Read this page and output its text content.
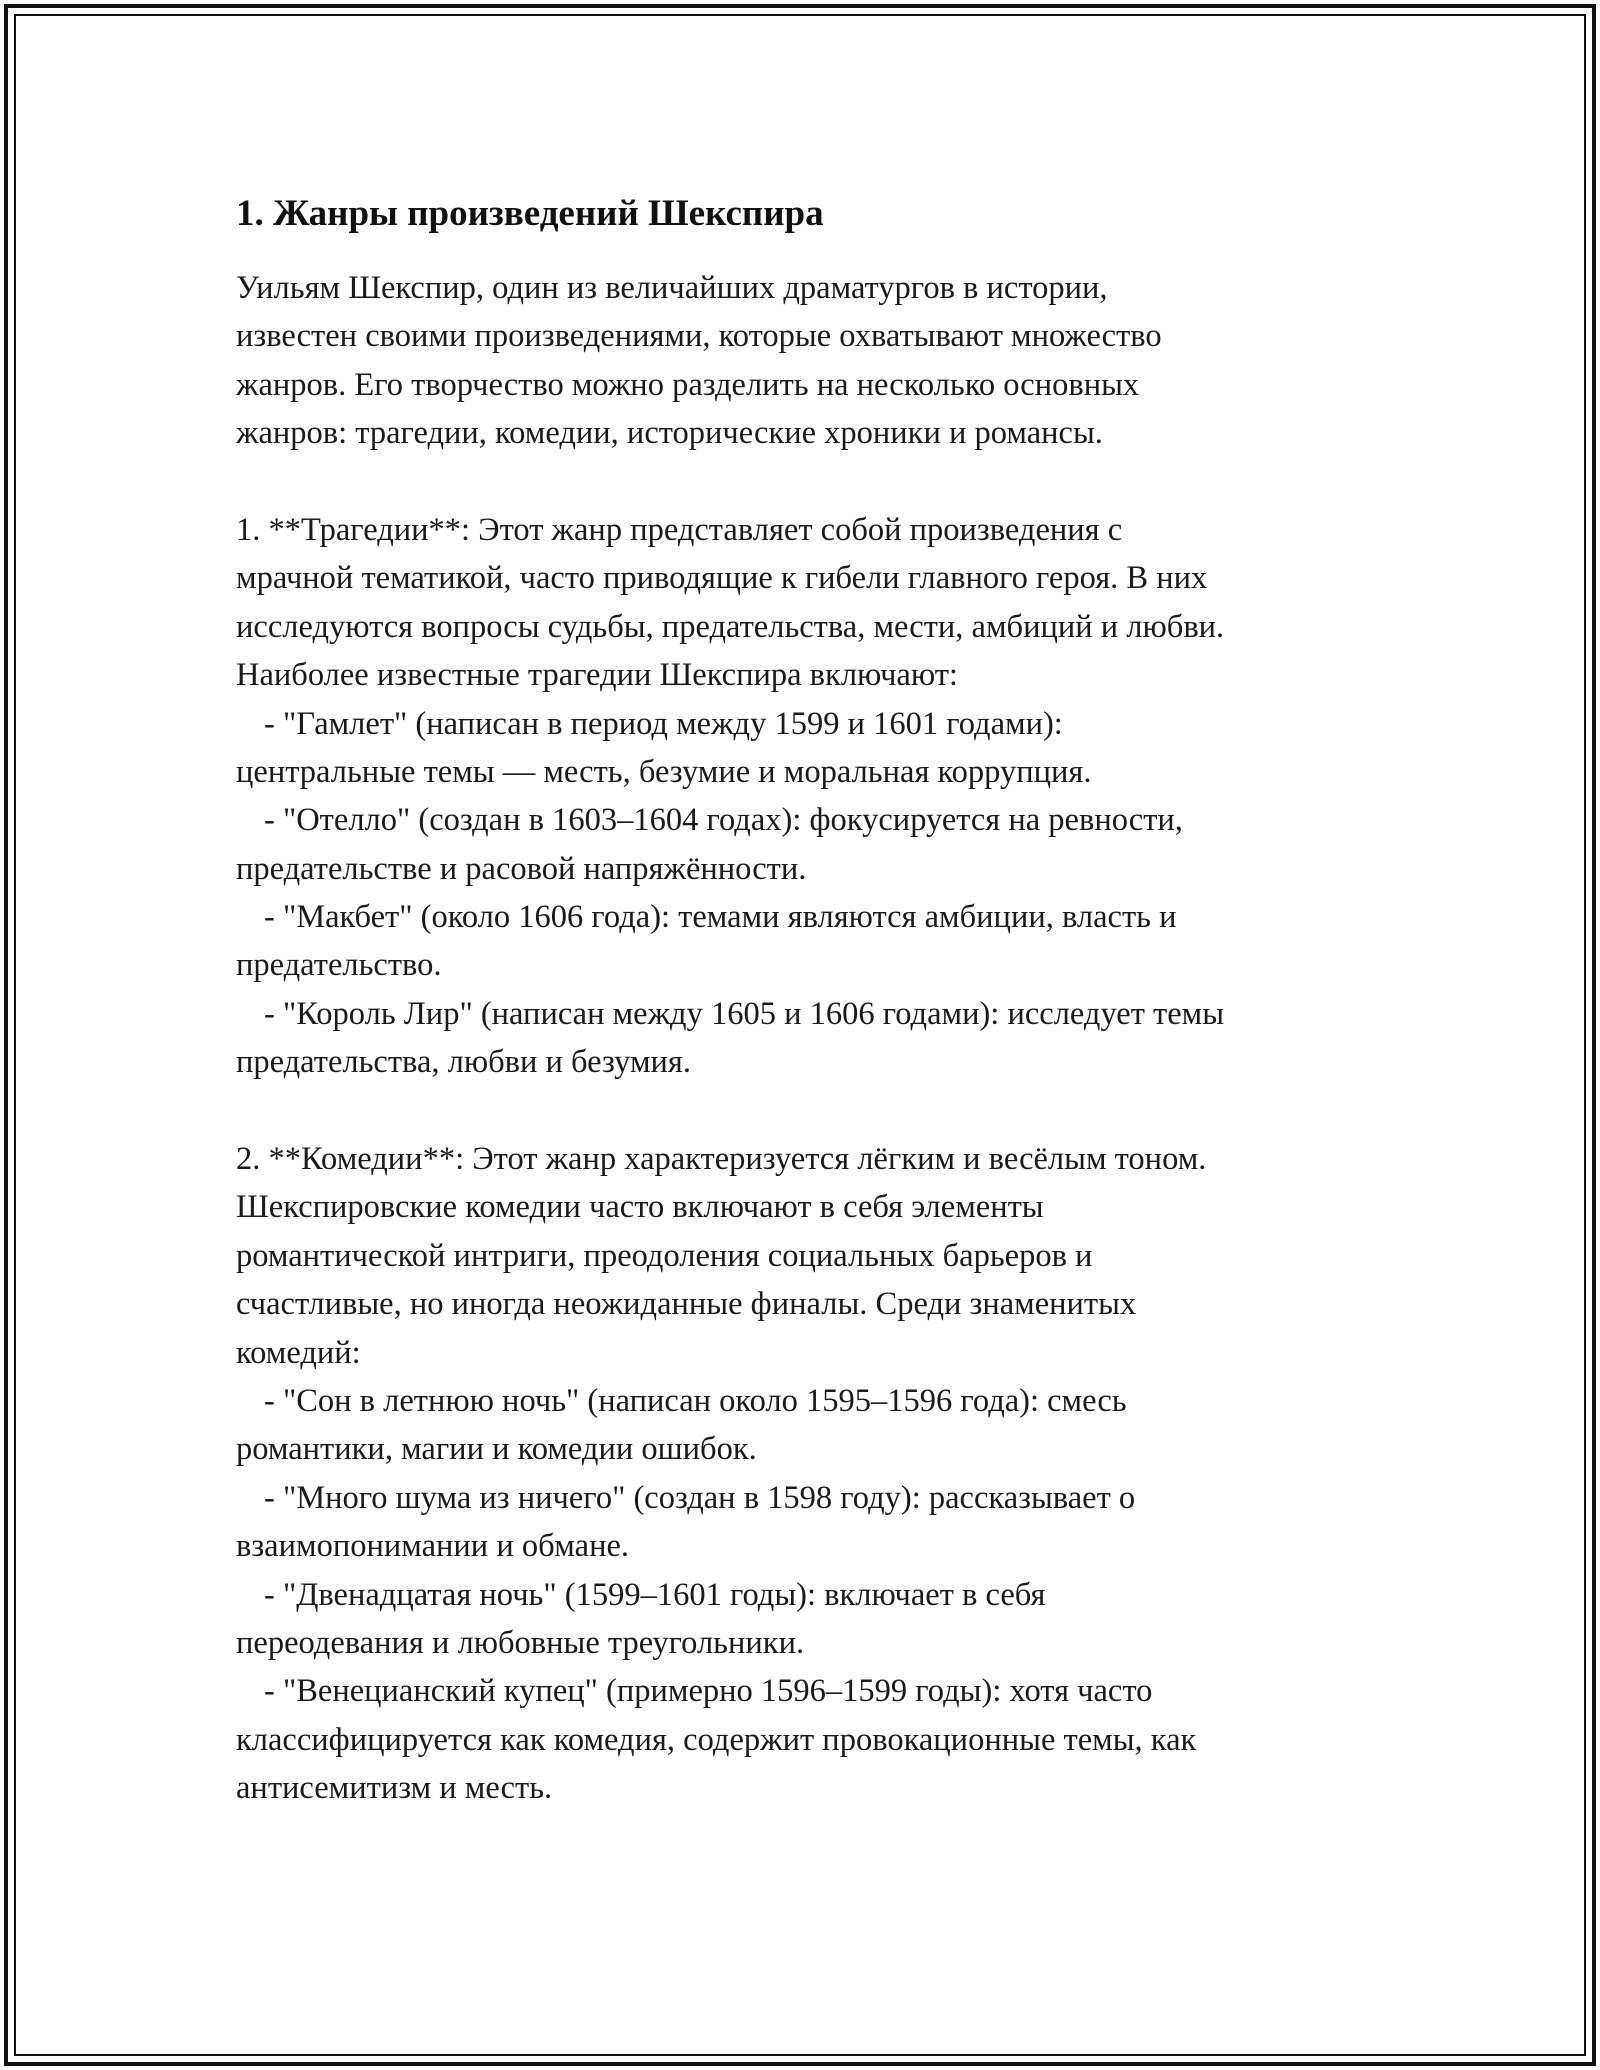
1. Жанры произведений Шекспира

Уильям Шекспир, один из величайших драматургов в истории,

известен своими произведениями, которые охватывают множество

жанров. Его творчество можно разделить на несколько основных

жанров: трагедии, комедии, исторические хроники и романсы.

1. **Трагедии**: Этот жанр представляет собой произведения с

мрачной тематикой, часто приводящие к гибели главного героя. В них

исследуются вопросы судьбы, предательства, мести, амбиций и любви.

Наиболее известные трагедии Шекспира включают:

- "Гамлет" (написан в период между 1599 и 1601 годами):

центральные темы — месть, безумие и моральная коррупция.

- "Отелло" (создан в 1603–1604 годах): фокусируется на ревности,

предательстве и расовой напряжённости.

- "Макбет" (около 1606 года): темами являются амбиции, власть и

предательство.

- "Король Лир" (написан между 1605 и 1606 годами): исследует темы

предательства, любви и безумия.

2. **Комедии**: Этот жанр характеризуется лёгким и весёлым тоном.

Шекспировские комедии часто включают в себя элементы

романтической интриги, преодоления социальных барьеров и

счастливые, но иногда неожиданные финалы. Среди знаменитых

комедий:

- "Сон в летнюю ночь" (написан около 1595–1596 года): смесь

романтики, магии и комедии ошибок.

- "Много шума из ничего" (создан в 1598 году): рассказывает о

взаимопонимании и обмане.

- "Двенадцатая ночь" (1599–1601 годы): включает в себя

переодевания и любовные треугольники.

- "Венецианский купец" (примерно 1596–1599 годы): хотя часто

классифицируется как комедия, содержит провокационные темы, как

антисемитизм и месть.
